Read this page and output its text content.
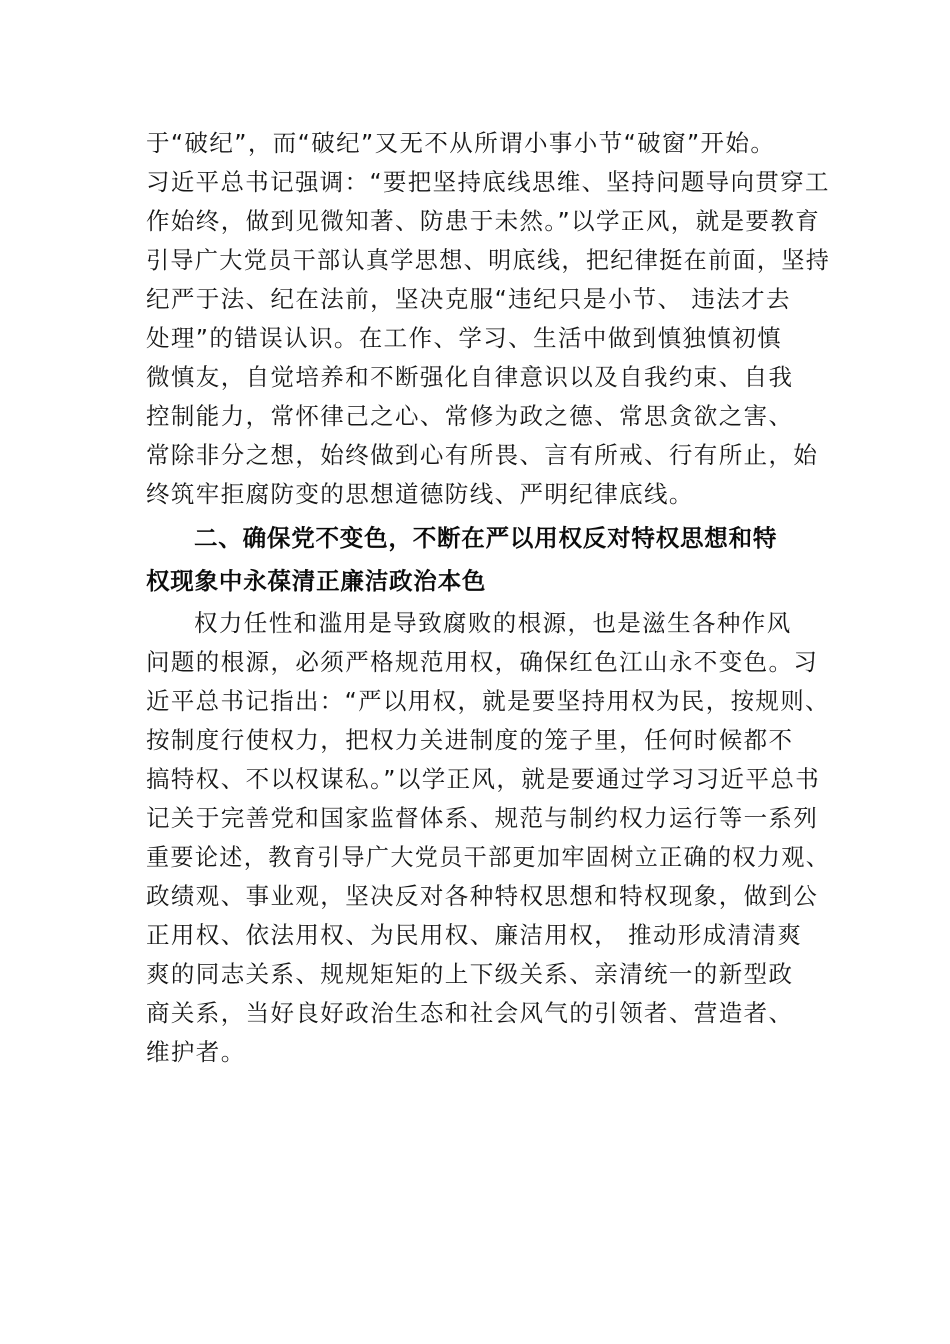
于“破纪”，而“破纪”又无不从所谓小事小节“破窗”开始。
习近平总书记强调：“要把坚持底线思维、坚持问题导向贯穿工
作始终，做到见微知著、防患于未然。”以学正风，就是要教育
引导广大党员干部认真学思想、明底线，把纪律挺在前面，坚持
纪严于法、纪在法前，坚决克服“违纪只是小节、 违法才去
处理”的错误认识。在工作、学习、生活中做到慎独慎初慎
微慎友，自觉培养和不断强化自律意识以及自我约束、自我
控制能力，常怀律己之心、常修为政之德、常思贪欲之害、
常除非分之想，始终做到心有所畏、言有所戒、行有所止，始
终筑牢拒腐防变的思想道德防线、严明纪律底线。
二、确保党不变色，不断在严以用权反对特权思想和特
权现象中永葆清正廉洁政治本色
权力任性和滥用是导致腐败的根源，也是滋生各种作风
问题的根源，必须严格规范用权，确保红色江山永不变色。习
近平总书记指出：“严以用权，就是要坚持用权为民，按规则、
按制度行使权力，把权力关进制度的笼子里，任何时候都不
搞特权、不以权谋私。”以学正风，就是要通过学习习近平总书
记关于完善党和国家监督体系、规范与制约权力运行等一系列
重要论述，教育引导广大党员干部更加牢固树立正确的权力观、
政绩观、事业观，坚决反对各种特权思想和特权现象，做到公
正用权、依法用权、为民用权、廉洁用权， 推动形成清清爽
爽的同志关系、规规矩矩的上下级关系、亲清统一的新型政
商关系，当好良好政治生态和社会风气的引领者、营造者、
维护者。
